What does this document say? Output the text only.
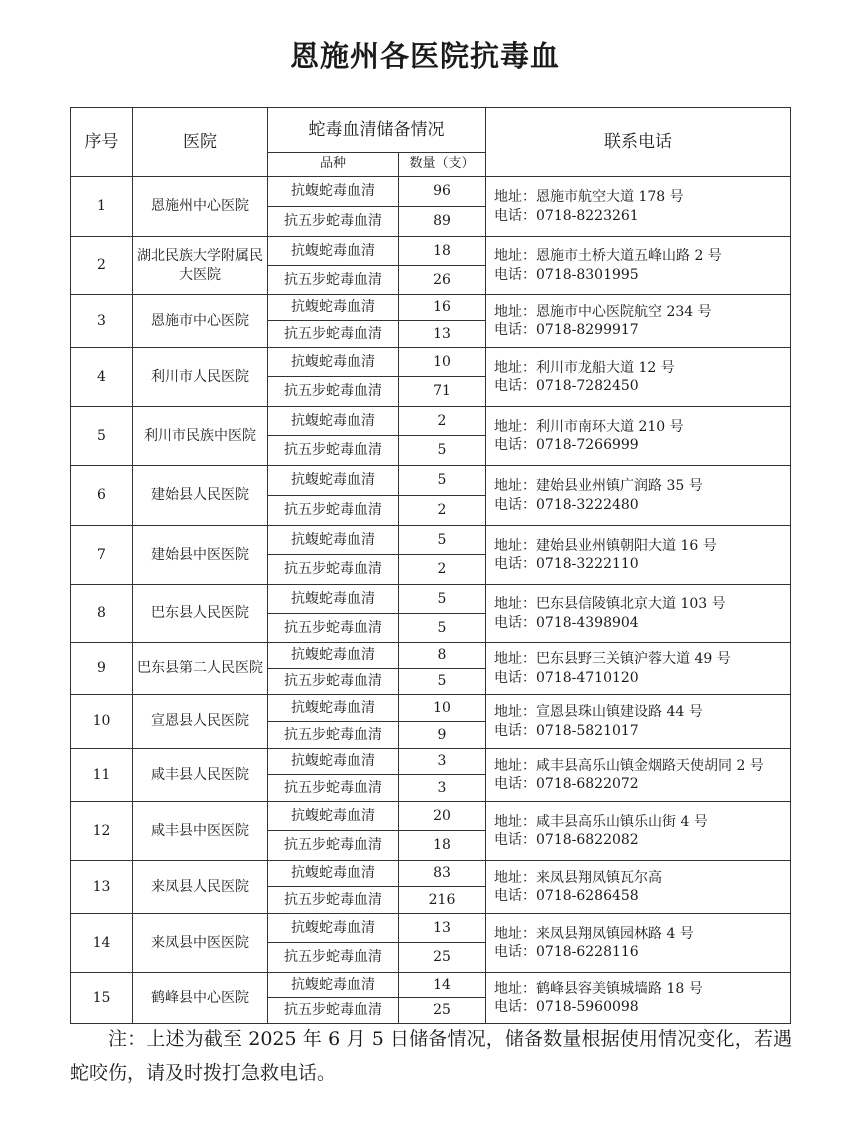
恩施州各医院抗毒血
序号	医院	蛇毒血清储备情况		联系电话
		品种	数量（支）	
1	恩施州中心医院	抗蝮蛇毒血清	96	地址：恩施市航空大道 178 号
电话：0718-8223261

		抗五步蛇毒血清	89	
2	湖北民族大学附属民大医院	抗蝮蛇毒血清	18	地址：恩施市土桥大道五峰山路 2 号
电话：0718-8301995

		抗五步蛇毒血清	26	
3	恩施市中心医院	抗蝮蛇毒血清	16	地址：恩施市中心医院航空 234 号
电话：0718-8299917

		抗五步蛇毒血清	13	
4	利川市人民医院	抗蝮蛇毒血清	10	地址：利川市龙船大道 12 号
电话：0718-7282450

		抗五步蛇毒血清	71	
5	利川市民族中医院	抗蝮蛇毒血清	2	地址：利川市南环大道 210 号
电话：0718-7266999

		抗五步蛇毒血清	5	
6	建始县人民医院	抗蝮蛇毒血清	5	地址：建始县业州镇广润路 35 号
电话：0718-3222480

		抗五步蛇毒血清	2	
7	建始县中医医院	抗蝮蛇毒血清	5	地址：建始县业州镇朝阳大道 16 号
电话：0718-3222110

		抗五步蛇毒血清	2	
8	巴东县人民医院	抗蝮蛇毒血清	5	地址：巴东县信陵镇北京大道 103 号
电话：0718-4398904

		抗五步蛇毒血清	5	
9	巴东县第二人民医院	抗蝮蛇毒血清	8	地址：巴东县野三关镇沪蓉大道 49 号
电话：0718-4710120

		抗五步蛇毒血清	5	
10	宣恩县人民医院	抗蝮蛇毒血清	10	地址：宣恩县珠山镇建设路 44 号
电话：0718-5821017

		抗五步蛇毒血清	9	
11	咸丰县人民医院	抗蝮蛇毒血清	3	地址：咸丰县高乐山镇金烟路天使胡同 2 号
电话：0718-6822072

		抗五步蛇毒血清	3	
12	咸丰县中医医院	抗蝮蛇毒血清	20	地址：咸丰县高乐山镇乐山街 4 号
电话：0718-6822082

		抗五步蛇毒血清	18	
13	来凤县人民医院	抗蝮蛇毒血清	83	地址：来凤县翔凤镇瓦尔高
电话：0718-6286458

		抗五步蛇毒血清	216	
14	来凤县中医医院	抗蝮蛇毒血清	13	地址：来凤县翔凤镇园林路 4 号
电话：0718-6228116

		抗五步蛇毒血清	25	
15	鹤峰县中心医院	抗蝮蛇毒血清	14	地址：鹤峰县容美镇城墙路 18 号
电话：0718-5960098

		抗五步蛇毒血清	25	
注：上述为截至 2025 年 6 月 5 日储备情况，储备数量根据使用情况变化，若遇蛇咬伤，请及时拨打急救电话。
